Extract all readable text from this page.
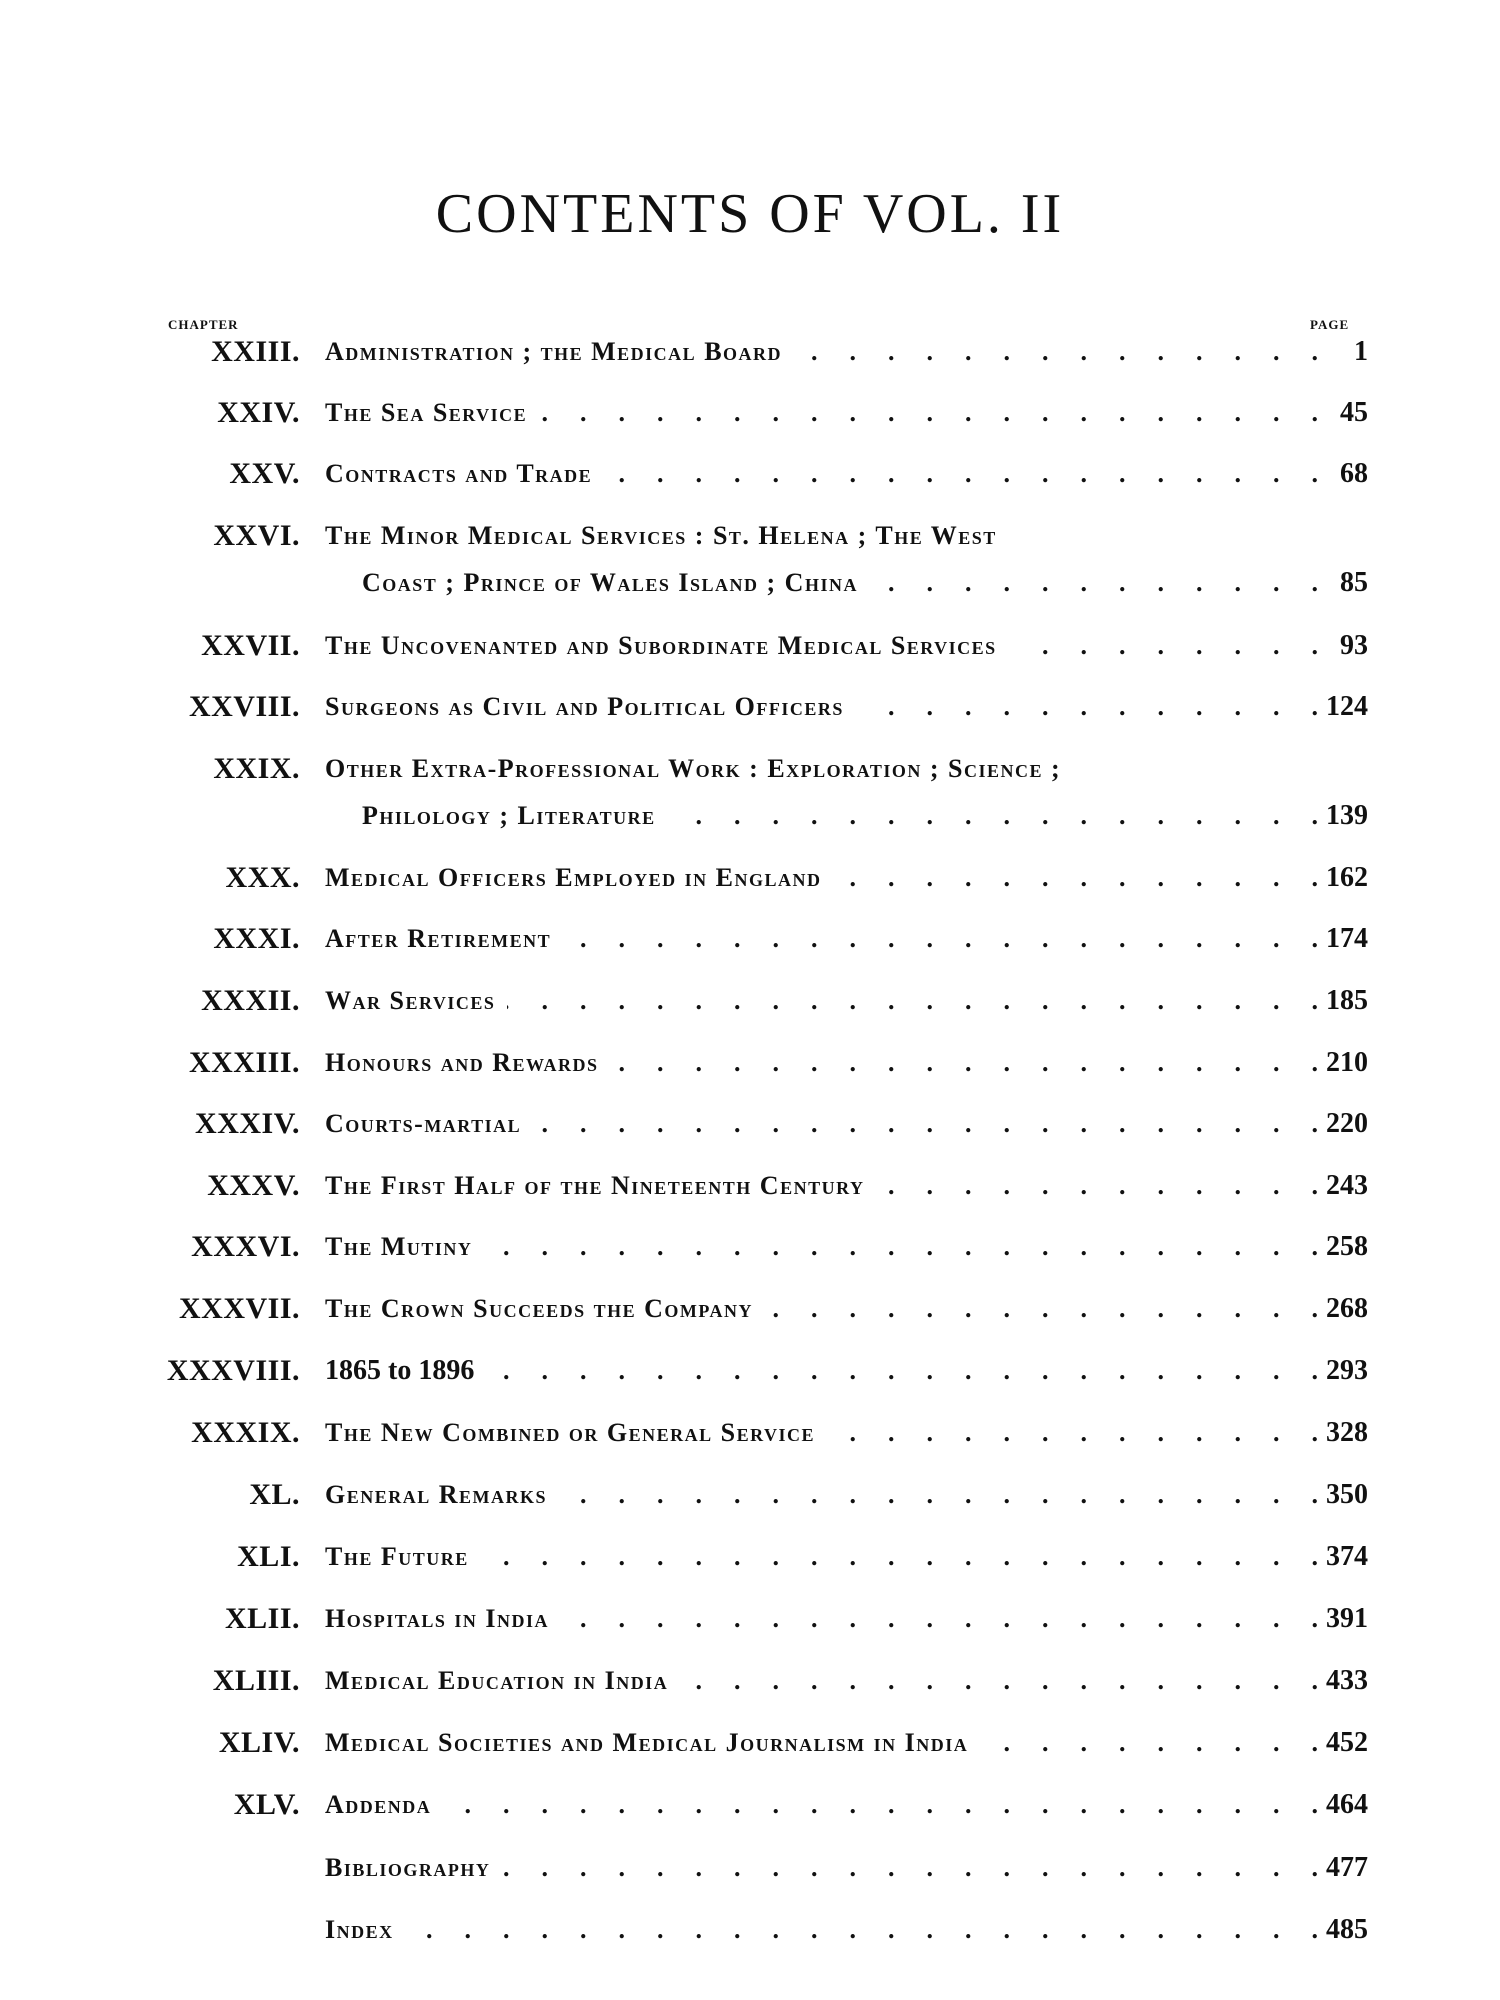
CONTENTS OF VOL. II
CHAPTER	PAGE
XXIII. Administration ; the Medical Board .....	1
XXIV. The Sea Service .....	45
XXV. Contracts and Trade .....	68
XXVI. The Minor Medical Services : St. Helena ; The West
Coast ; Prince of Wales Island ; China .....	85
XXVII. The Uncovenanted and Subordinate Medical Services .....	93
XXVIII. Surgeons as Civil and Political Officers .....	124
XXIX. Other Extra-Professional Work : Exploration ; Science ;
Philology ; Literature .....	139
XXX. Medical Officers Employed in England .....	162
XXXI. After Retirement .....	174
XXXII. War Services .....	185
XXXIII. Honours and Rewards .....	210
XXXIV. Courts-martial .....	220
XXXV. The First Half of the Nineteenth Century .....	243
XXXVI. The Mutiny .....	258
XXXVII. The Crown Succeeds the Company .....	268
XXXVIII. 1865 to 1896 .....	293
XXXIX. The New Combined or General Service .....	328
XL. General Remarks .....	350
XLI. The Future .....	374
XLII. Hospitals in India .....	391
XLIII. Medical Education in India .....	433
XLIV. Medical Societies and Medical Journalism in India .....	452
XLV. Addenda .....	464
Bibliography .....	477
Index .....	485
